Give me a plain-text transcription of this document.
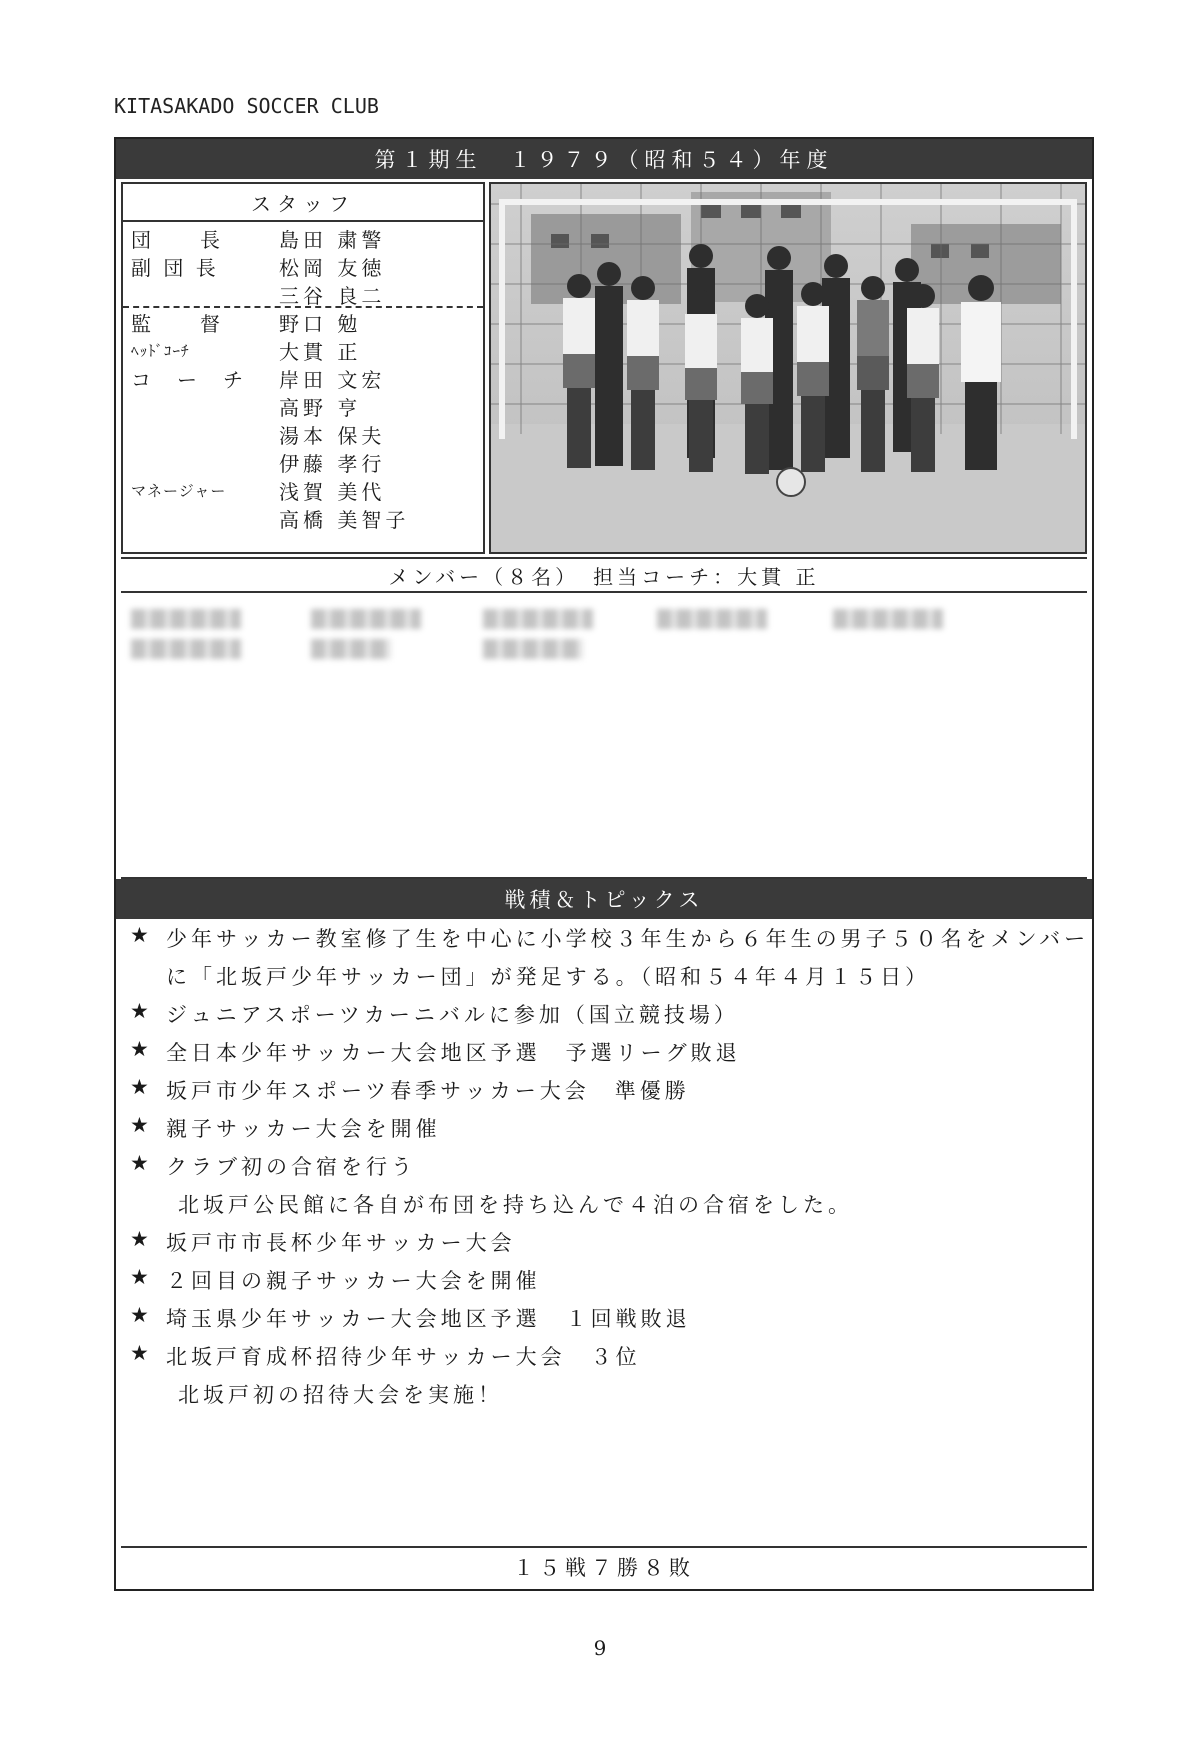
KITASAKADO SOCCER CLUB
第１期生　１９７９（昭和５４）年度
スタッフ
団　　長	島田 粛警
副 団 長	松岡 友徳
三谷 良二
監　　督	野口 勉
ﾍｯﾄﾞｺｰﾁ	大貫 正
コ　ー　チ	岸田 文宏
高野 亨
湯本 保夫
伊藤 孝行
マネージャー	浅賀 美代
高橋 美智子
メンバー（８名）　担当コーチ：大貫 正
戦積＆トピックス
★ 少年サッカー教室修了生を中心に小学校３年生から６年生の男子５０名をメンバー
に「北坂戸少年サッカー団」が発足する。（昭和５４年４月１５日）
★ ジュニアスポーツカーニバルに参加（国立競技場）
★ 全日本少年サッカー大会地区予選　予選リーグ敗退
★ 坂戸市少年スポーツ春季サッカー大会　準優勝
★ 親子サッカー大会を開催
★ クラブ初の合宿を行う
北坂戸公民館に各自が布団を持ち込んで４泊の合宿をした。
★ 坂戸市市長杯少年サッカー大会
★ ２回目の親子サッカー大会を開催
★ 埼玉県少年サッカー大会地区予選　１回戦敗退
★ 北坂戸育成杯招待少年サッカー大会　３位
北坂戸初の招待大会を実施！
１５戦７勝８敗
9
